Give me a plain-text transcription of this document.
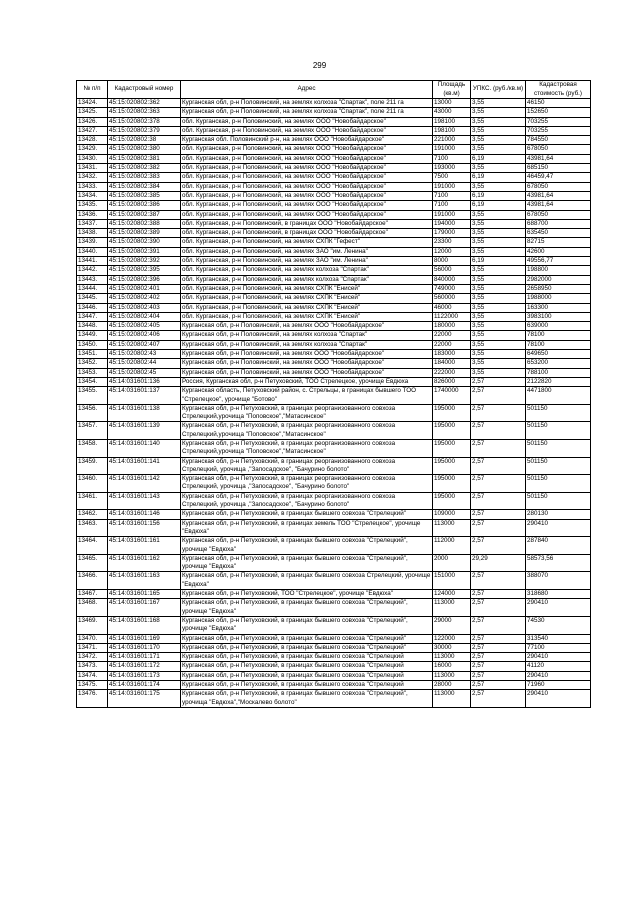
299
№ п/п	Кадастровый номер	Адрес	Площадь (кв.м)	УПКС. (руб./кв.м)	Кадастровая стоимость (руб.)
13424.	45:15:020802:362	Курганская обл, р-н Половинский, на землях колхоза "Спартак", поле 211 га	13000	3,55	46150
13425.	45:15:020802:363	Курганская обл, р-н Половинский, на землях колхоза "Спартак", поле 211 га	43000	3,55	152650
13426.	45:15:020802:378	обл. Курганская, р-н Половинский, на землях ООО "Новобайдарское"	198100	3,55	703255
13427.	45:15:020802:379	обл. Курганская, р-н Половинский, на землях ООО "Новобайдарское"	198100	3,55	703255
13428.	45:15:020802:38	Курганская обл. Половинский р-н, на землях ООО "Новобайдарское"	221000	3,55	784550
13429.	45:15:020802:380	обл. Курганская, р-н Половинский, на землях ООО "Новобайдарское"	191000	3,55	678050
13430.	45:15:020802:381	обл. Курганская, р-н Половинский, на землях ООО "Новобайдарское"	7100	6,19	43981,64
13431.	45:15:020802:382	обл. Курганская, р-н Половинский, на землях ООО "Новобайдарское"	193000	3,55	685150
13432.	45:15:020802:383	обл. Курганская, р-н Половинский, на землях ООО "Новобайдарское"	7500	6,19	46459,47
13433.	45:15:020802:384	обл. Курганская, р-н Половинский, на землях ООО "Новобайдарское"	191000	3,55	678050
13434.	45:15:020802:385	обл. Курганская, р-н Половинский, на землях ООО "Новобайдарское"	7100	6,19	43981,64
13435.	45:15:020802:386	обл. Курганская, р-н Половинский, на землях ООО "Новобайдарское"	7100	6,19	43981,64
13436.	45:15:020802:387	обл. Курганская, р-н Половинский, на землях ООО "Новобайдарское"	191000	3,55	678050
13437.	45:15:020802:388	обл. Курганская, р-н Половинский, в границах ООО "Новобайдарское"	194000	3,55	688700
13438.	45:15:020802:389	обл. Курганская, р-н Половинский, в границах ООО "Новобайдарское"	179000	3,55	635450
13439.	45:15:020802:390	обл. Курганская, р-н Половинский, на землях СХПК "Гефест"	23300	3,55	82715
13440.	45:15:020802:391	обл. Курганская, р-н Половинский, на землях ЗАО "им. Ленина"	12000	3,55	42600
13441.	45:15:020802:392	обл. Курганская, р-н Половинский, на землях ЗАО "им. Ленина"	8000	6,19	49556,77
13442.	45:15:020802:395	обл. Курганская, р-н Половинский, на землях колхоза "Спартак"	56000	3,55	198800
13443.	45:15:020802:396	обл. Курганская, р-н Половинский, на землях колхоза "Спартак"	840000	3,55	2982000
13444.	45:15:020802:401	обл. Курганская, р-н Половинский, на землях СХПК "Енисей"	749000	3,55	2658950
13445.	45:15:020802:402	обл. Курганская, р-н Половинский, на землях СХПК "Енисей"	560000	3,55	1988000
13446.	45:15:020802:403	обл. Курганская, р-н Половинский, на землях СХПК "Енисей"	46000	3,55	163300
13447.	45:15:020802:404	обл. Курганская, р-н Половинский, на землях СХПК "Енисей"	1122000	3,55	3983100
13448.	45:15:020802:405	Курганская обл, р-н Половинский, на землях ООО "Новобайдарское"	180000	3,55	639000
13449.	45:15:020802:406	Курганская обл, р-н Половинский, на землях колхоза "Спартак"	22000	3,55	78100
13450.	45:15:020802:407	Курганская обл, р-н Половинский, на землях колхоза "Спартак"	22000	3,55	78100
13451.	45:15:020802:43	Курганская обл, р-н Половинский, на землях ООО "Новобайдарское"	183000	3,55	649650
13452.	45:15:020802:44	Курганская обл, р-н Половинский, на землях ООО "Новобайдарское"	184000	3,55	653200
13453.	45:15:020802:45	Курганская обл, р-н Половинский, на землях ООО "Новобайдарское"	222000	3,55	788100
13454.	45:14:031601:136	Россия, Курганская обл, р-н Петуховский, ТОО Стрелецкое, урочище Евдюха	826000	2,57	2122820
13455.	45:14:031601:137	Курганская область, Петуховский район, с. Стрельцы, в границах бывшего ТОО "Стрелецкое", урочище "Ботово"	1740000	2,57	4471800
13456.	45:14:031601:138	Курганская обл, р-н Петуховский, в границах реорганизованного совхоза Стрелецкий,урочища "Поповское","Матасинское"	195000	2,57	501150
13457.	45:14:031601:139	Курганская обл, р-н Петуховский, в границах реорганизованного совхоза Стрелецкий,урочища "Поповское","Матасинское"	195000	2,57	501150
13458.	45:14:031601:140	Курганская обл, р-н Петуховский, в границах реорганизованного совхоза Стрелецкий,урочища "Поповское","Матасинское"	195000	2,57	501150
13459.	45:14:031601:141	Курганская обл, р-н Петуховский, в границах реорганизованного совхоза Стрелецкий, урочища ,"Запосадское", "Бачурино болото"	195000	2,57	501150
13460.	45:14:031601:142	Курганская обл, р-н Петуховский, в границах реорганизованного совхоза Стрелецкий, урочища ,"Запосадское", "Бачурино болото"	195000	2,57	501150
13461.	45:14:031601:143	Курганская обл, р-н Петуховский, в границах реорганизованного совхоза Стрелецкий, урочища ,"Запосадское", "Бачурино болото"	195000	2,57	501150
13462.	45:14:031601:146	Курганская обл, р-н Петуховский, в границах бывшего совхоза "Стрелецкий"	109000	2,57	280130
13463.	45:14:031601:156	Курганская обл, р-н Петуховский, в границах земель ТОО "Стрелецкое", урочище "Евдюха"	113000	2,57	290410
13464.	45:14:031601:161	Курганская обл, р-н Петуховский, в границах бывшего совхоза "Стрелецкий", урочище "Евдюха"	112000	2,57	287840
13465.	45:14:031601:162	Курганская обл, р-н Петуховский, в границах бывшего совхоза "Стрелецкий", урочище "Евдюха"	2000	29,29	58573,56
13466.	45:14:031601:163	Курганская обл, р-н Петуховский, в границах бывшего совхоза Стрелецкий, урочище "Евдюха"	151000	2,57	388070
13467.	45:14:031601:165	Курганская обл, р-н Петуховский, ТОО "Стрелецкое", урочище "Евдюха"	124000	2,57	318680
13468.	45:14:031601:167	Курганская обл, р-н Петуховский, в границах бывшего совхоза "Стрелецкий", урочище "Евдюха"	113000	2,57	290410
13469.	45:14:031601:168	Курганская обл, р-н Петуховский, в границах бывшего совхоза "Стрелецкий", урочище "Евдюха"	29000	2,57	74530
13470.	45:14:031601:169	Курганская обл, р-н Петуховский, в границах бывшего совхоза "Стрелецкий"	122000	2,57	313540
13471.	45:14:031601:170	Курганская обл, р-н Петуховский, в границах бывшего совхоза "Стрелецкий"	30000	2,57	77100
13472.	45:14:031601:171	Курганская обл, р-н Петуховский, в границах бывшего совхоза "Стрелецкий	113000	2,57	290410
13473.	45:14:031601:172	Курганская обл, р-н Петуховский, в границах бывшего совхоза "Стрелецкий	16000	2,57	41120
13474.	45:14:031601:173	Курганская обл, р-н Петуховский, в границах бывшего совхоза "Стрелецкий	113000	2,57	290410
13475.	45:14:031601:174	Курганская обл, р-н Петуховский, в границах бывшего совхоза "Стрелецкий	28000	2,57	71960
13476.	45:14:031601:175	Курганская обл, р-н Петуховский, в границах бывшего совхоза "Стрелецкий", урочища "Евдюха","Москалево болото"	113000	2,57	290410
